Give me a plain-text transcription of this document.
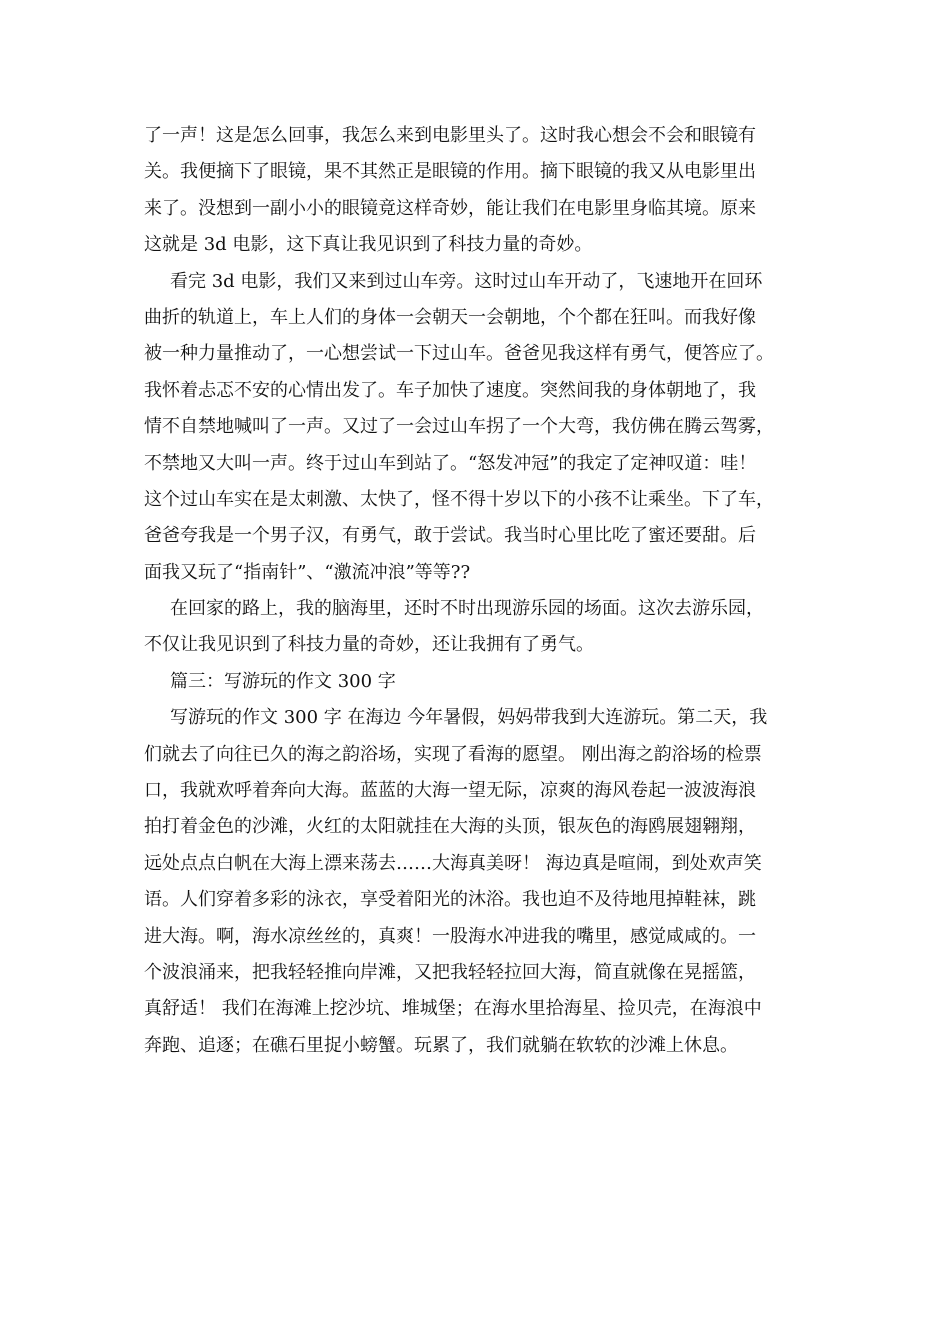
了一声！这是怎么回事，我怎么来到电影里头了。这时我心想会不会和眼镜有
关。我便摘下了眼镜，果不其然正是眼镜的作用。摘下眼镜的我又从电影里出
来了。没想到一副小小的眼镜竟这样奇妙，能让我们在电影里身临其境。原来
这就是 3d 电影，这下真让我见识到了科技力量的奇妙。
看完 3d 电影，我们又来到过山车旁。这时过山车开动了，飞速地开在回环
曲折的轨道上，车上人们的身体一会朝天一会朝地，个个都在狂叫。而我好像
被一种力量推动了，一心想尝试一下过山车。爸爸见我这样有勇气，便答应了。
我怀着忐忑不安的心情出发了。车子加快了速度。突然间我的身体朝地了，我
情不自禁地喊叫了一声。又过了一会过山车拐了一个大弯，我仿佛在腾云驾雾，
不禁地又大叫一声。终于过山车到站了。“怒发冲冠”的我定了定神叹道：哇！
这个过山车实在是太刺激、太快了，怪不得十岁以下的小孩不让乘坐。下了车，
爸爸夸我是一个男子汉，有勇气，敢于尝试。我当时心里比吃了蜜还要甜。后
面我又玩了“指南针”、“激流冲浪”等等??
在回家的路上，我的脑海里，还时不时出现游乐园的场面。这次去游乐园，
不仅让我见识到了科技力量的奇妙，还让我拥有了勇气。
篇三：写游玩的作文 300 字
写游玩的作文 300 字 在海边 今年暑假，妈妈带我到大连游玩。第二天，我
们就去了向往已久的海之韵浴场，实现了看海的愿望。 刚出海之韵浴场的检票
口，我就欢呼着奔向大海。蓝蓝的大海一望无际，凉爽的海风卷起一波波海浪
拍打着金色的沙滩，火红的太阳就挂在大海的头顶，银灰色的海鸥展翅翱翔，
远处点点白帆在大海上漂来荡去……大海真美呀！ 海边真是喧闹，到处欢声笑
语。人们穿着多彩的泳衣，享受着阳光的沐浴。我也迫不及待地甩掉鞋袜，跳
进大海。啊，海水凉丝丝的，真爽！一股海水冲进我的嘴里，感觉咸咸的。一
个波浪涌来，把我轻轻推向岸滩，又把我轻轻拉回大海，简直就像在晃摇篮，
真舒适！ 我们在海滩上挖沙坑、堆城堡；在海水里拾海星、捡贝壳，在海浪中
奔跑、追逐；在礁石里捉小螃蟹。玩累了，我们就躺在软软的沙滩上休息。
